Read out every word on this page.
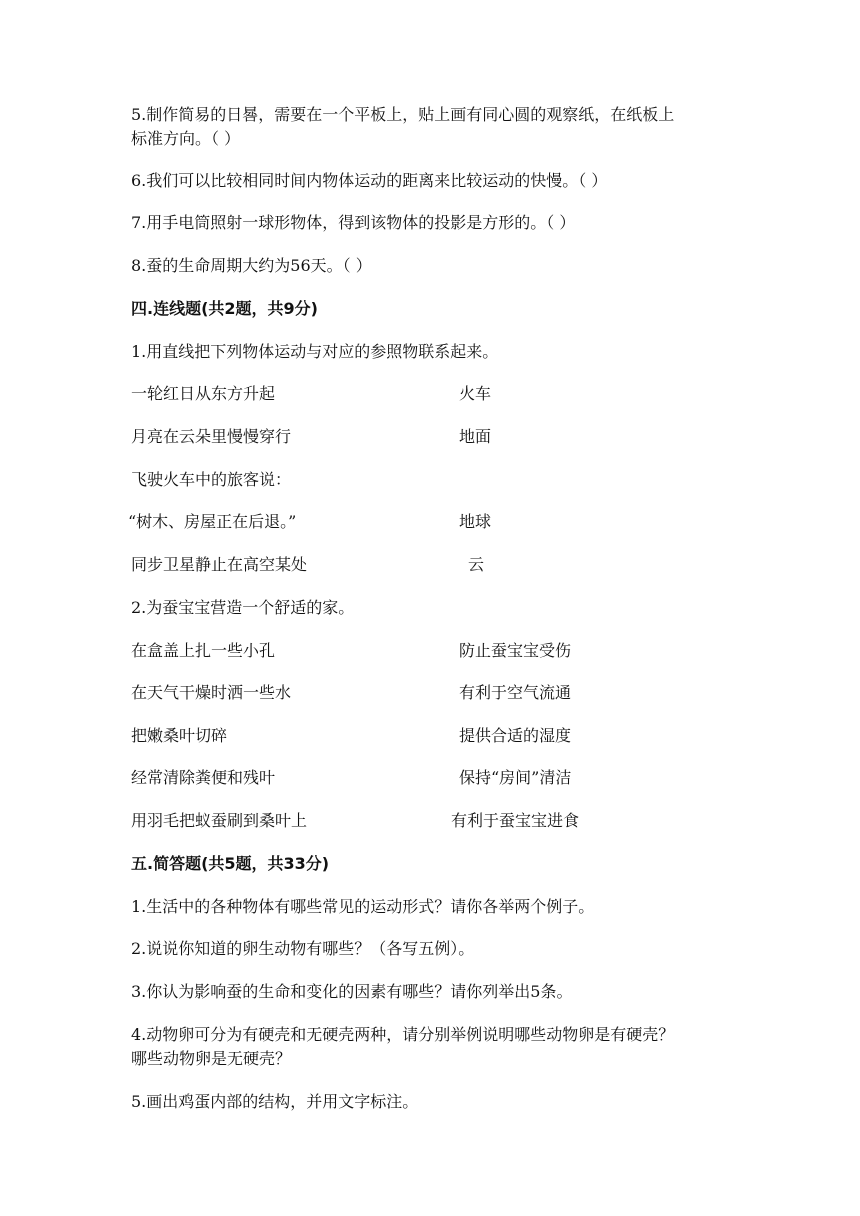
5.制作简易的日晷，需要在一个平板上，贴上画有同心圆的观察纸，在纸板上

标准方向。（ ）

6.我们可以比较相同时间内物体运动的距离来比较运动的快慢。（ ）

7.用手电筒照射一球形物体，得到该物体的投影是方形的。（ ）

8.蚕的生命周期大约为56天。（ ）

四.连线题(共2题，共9分)

1.用直线把下列物体运动与对应的参照物联系起来。

一轮红日从东方升起	火车
月亮在云朵里慢慢穿行	地面
飞驶火车中的旅客说：
“树木、房屋正在后退。”	地球
同步卫星静止在高空某处	云

2.为蚕宝宝营造一个舒适的家。

在盒盖上扎一些小孔	防止蚕宝宝受伤
在天气干燥时洒一些水	有利于空气流通
把嫩桑叶切碎	提供合适的湿度
经常清除粪便和残叶	保持“房间”清洁
用羽毛把蚁蚕刷到桑叶上	有利于蚕宝宝进食

五.简答题(共5题，共33分)

1.生活中的各种物体有哪些常见的运动形式？请你各举两个例子。

2.说说你知道的卵生动物有哪些？（各写五例）。

3.你认为影响蚕的生命和变化的因素有哪些？请你列举出5条。

4.动物卵可分为有硬壳和无硬壳两种，请分别举例说明哪些动物卵是有硬壳？

哪些动物卵是无硬壳？

5.画出鸡蛋内部的结构，并用文字标注。
